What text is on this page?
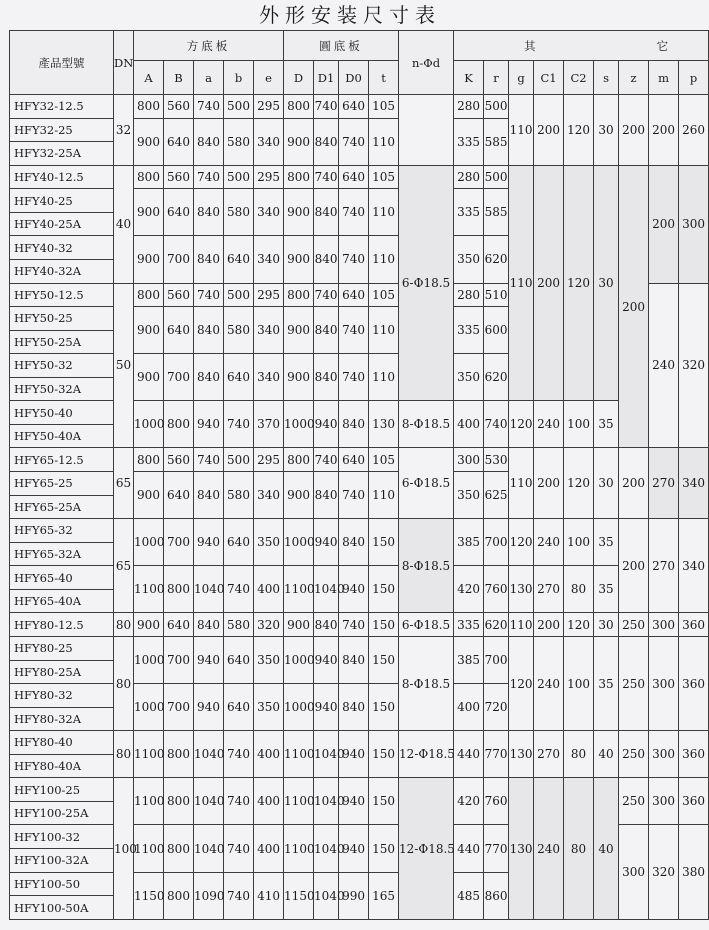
外形安装尺寸表
產品型號	DN	方底板					圓底板				n-Φd	其 它								

		A	B	a	b	e	D	D1	D0	t		K	r	g	C1	C2	s	z	m	p
HFY32-12.5	32	800	560	740	500	295	800	740	640	105		280	500	110	200	120	30	200	200	260
HFY32-25		900	640	840	580	340	900	840	740	110		335	585							
HFY32-25A																				
HFY40-12.5	40	800	560	740	500	295	800	740	640	105	6-Φ18.5	280	500	110	200	120	30	200	200	300
HFY40-25		900	640	840	580	340	900	840	740	110		335	585							
HFY40-25A																				
HFY40-32		900	700	840	640	340	900	840	740	110		350	620							
HFY40-32A																				
HFY50-12.5	50	800	560	740	500	295	800	740	640	105		280	510						240	320
HFY50-25		900	640	840	580	340	900	840	740	110		335	600							
HFY50-25A																				
HFY50-32		900	700	840	640	340	900	840	740	110		350	620							
HFY50-32A																				
HFY50-40		1000	800	940	740	370	1000	940	840	130	8-Φ18.5	400	740	120	240	100	35			
HFY50-40A																				
HFY65-12.5	65	800	560	740	500	295	800	740	640	105	6-Φ18.5	300	530	110	200	120	30	200	270	340
HFY65-25		900	640	840	580	340	900	840	740	110		350	625							
HFY65-25A																				
HFY65-32	65	1000	700	940	640	350	1000	940	840	150	8-Φ18.5	385	700	120	240	100	35	200	270	340
HFY65-32A																				
HFY65-40		1100	800	1040	740	400	1100	1040	940	150		420	760	130	270	80	35			
HFY65-40A																				
HFY80-12.5	80	900	640	840	580	320	900	840	740	150	6-Φ18.5	335	620	110	200	120	30	250	300	360
HFY80-25	80	1000	700	940	640	350	1000	940	840	150	8-Φ18.5	385	700	120	240	100	35	250	300	360
HFY80-25A																				
HFY80-32		1000	700	940	640	350	1000	940	840	150		400	720							
HFY80-32A																				
HFY80-40	80	1100	800	1040	740	400	1100	1040	940	150	12-Φ18.5	440	770	130	270	80	40	250	300	360
HFY80-40A																				
HFY100-25	100	1100	800	1040	740	400	1100	1040	940	150	12-Φ18.5	420	760	130	240	80	40	250	300	360
HFY100-25A																				
HFY100-32		1100	800	1040	740	400	1100	1040	940	150		440	770					300	320	380
HFY100-32A																				
HFY100-50		1150	800	1090	740	410	1150	1040	990	165		485	860							
HFY100-50A																				
